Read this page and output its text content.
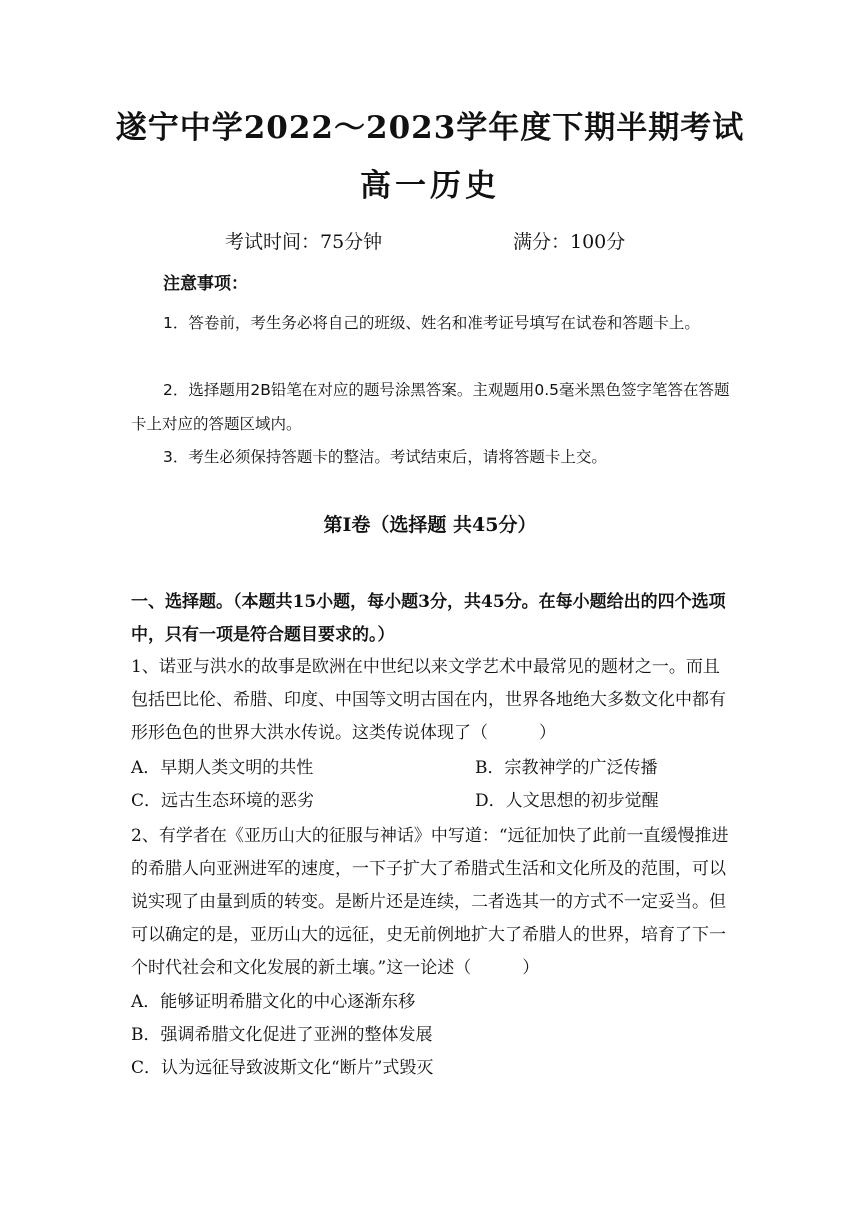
遂宁中学2022～2023学年度下期半期考试
高一历史
考试时间：75分钟	满分：100分
注意事项：
1．答卷前，考生务必将自己的班级、姓名和准考证号填写在试卷和答题卡上。
2．选择题用2B铅笔在对应的题号涂黑答案。主观题用0.5毫米黑色签字笔答在答题卡上对应的答题区域内。
3．考生必须保持答题卡的整洁。考试结束后，请将答题卡上交。
第Ⅰ卷（选择题 共45分）
一、选择题。（本题共15小题，每小题3分，共45分。在每小题给出的四个选项中，只有一项是符合题目要求的。）
1、诺亚与洪水的故事是欧洲在中世纪以来文学艺术中最常见的题材之一。而且包括巴比伦、希腊、印度、中国等文明古国在内，世界各地绝大多数文化中都有形形色色的世界大洪水传说。这类传说体现了（　　　）
A．早期人类文明的共性	B．宗教神学的广泛传播
C．远古生态环境的恶劣	D．人文思想的初步觉醒
2、有学者在《亚历山大的征服与神话》中写道：“远征加快了此前一直缓慢推进的希腊人向亚洲进军的速度，一下子扩大了希腊式生活和文化所及的范围，可以说实现了由量到质的转变。是断片还是连续，二者选其一的方式不一定妥当。但可以确定的是，亚历山大的远征，史无前例地扩大了希腊人的世界，培育了下一个时代社会和文化发展的新土壤。”这一论述（　　　）
A．能够证明希腊文化的中心逐渐东移
B．强调希腊文化促进了亚洲的整体发展
C．认为远征导致波斯文化“断片”式毁灭
